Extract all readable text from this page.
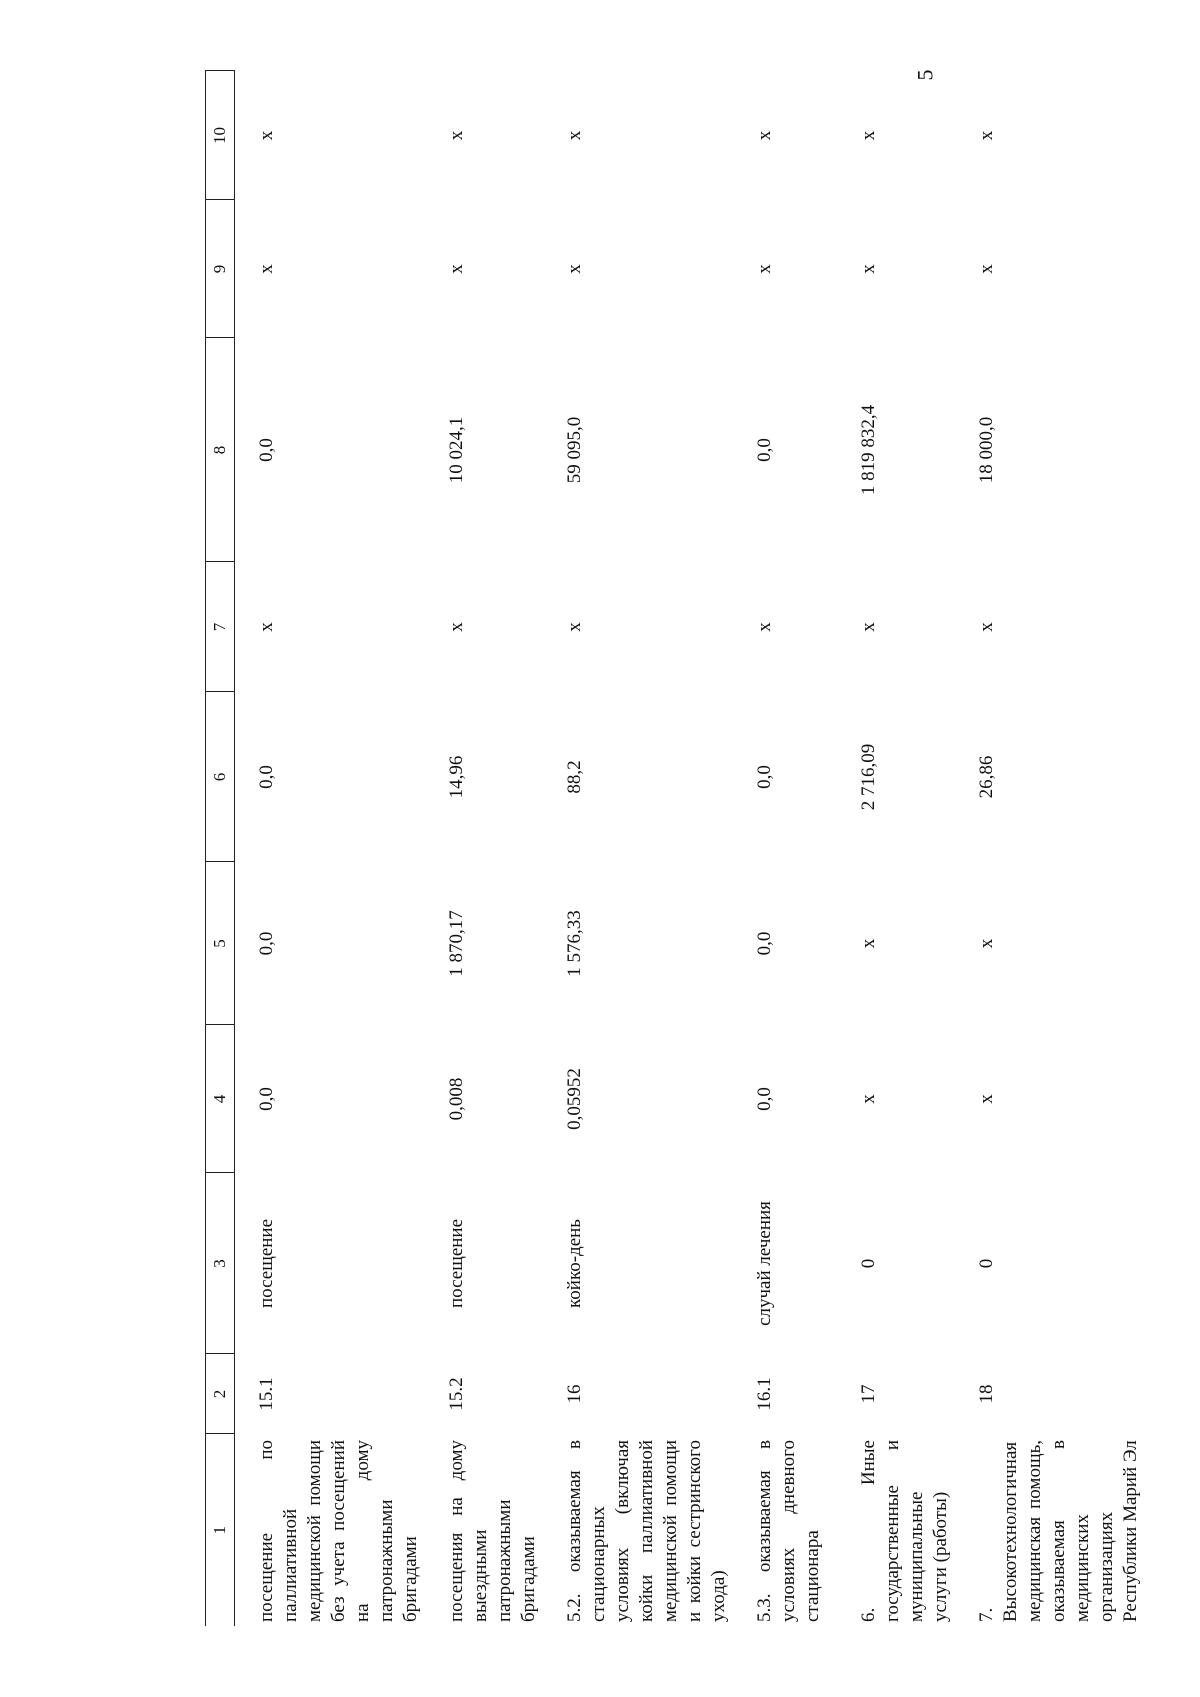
5
1	2	3	4	5	6	7	8	9	10
посещение по паллиативной медицинской помощи без учета посещений на дому патронажными бригадами	15.1	посещение	0,0	0,0	0,0	х	0,0	х	х
посещения на дому выездными патронажными бригадами	15.2	посещение	0,008	1 870,17	14,96	х	10 024,1	х	х
5.2. оказываемая в стационарных условиях (включая койки паллиативной медицинской помощи и койки сестринского ухода)	16	койко-день	0,05952	1 576,33	88,2	х	59 095,0	х	х
5.3. оказываемая в условиях дневного стационара	16.1	случай лечения	0,0	0,0	0,0	х	0,0	х	х
6. Иные государственные и муниципальные услуги (работы)	17	0	х	х	2 716,09	х	1 819 832,4	х	х
7. Высокотехнологичная медицинская помощь, оказываемая в медицинских организациях Республики Марий Эл	18	0	х	х	26,86	х	18 000,0	х	х
